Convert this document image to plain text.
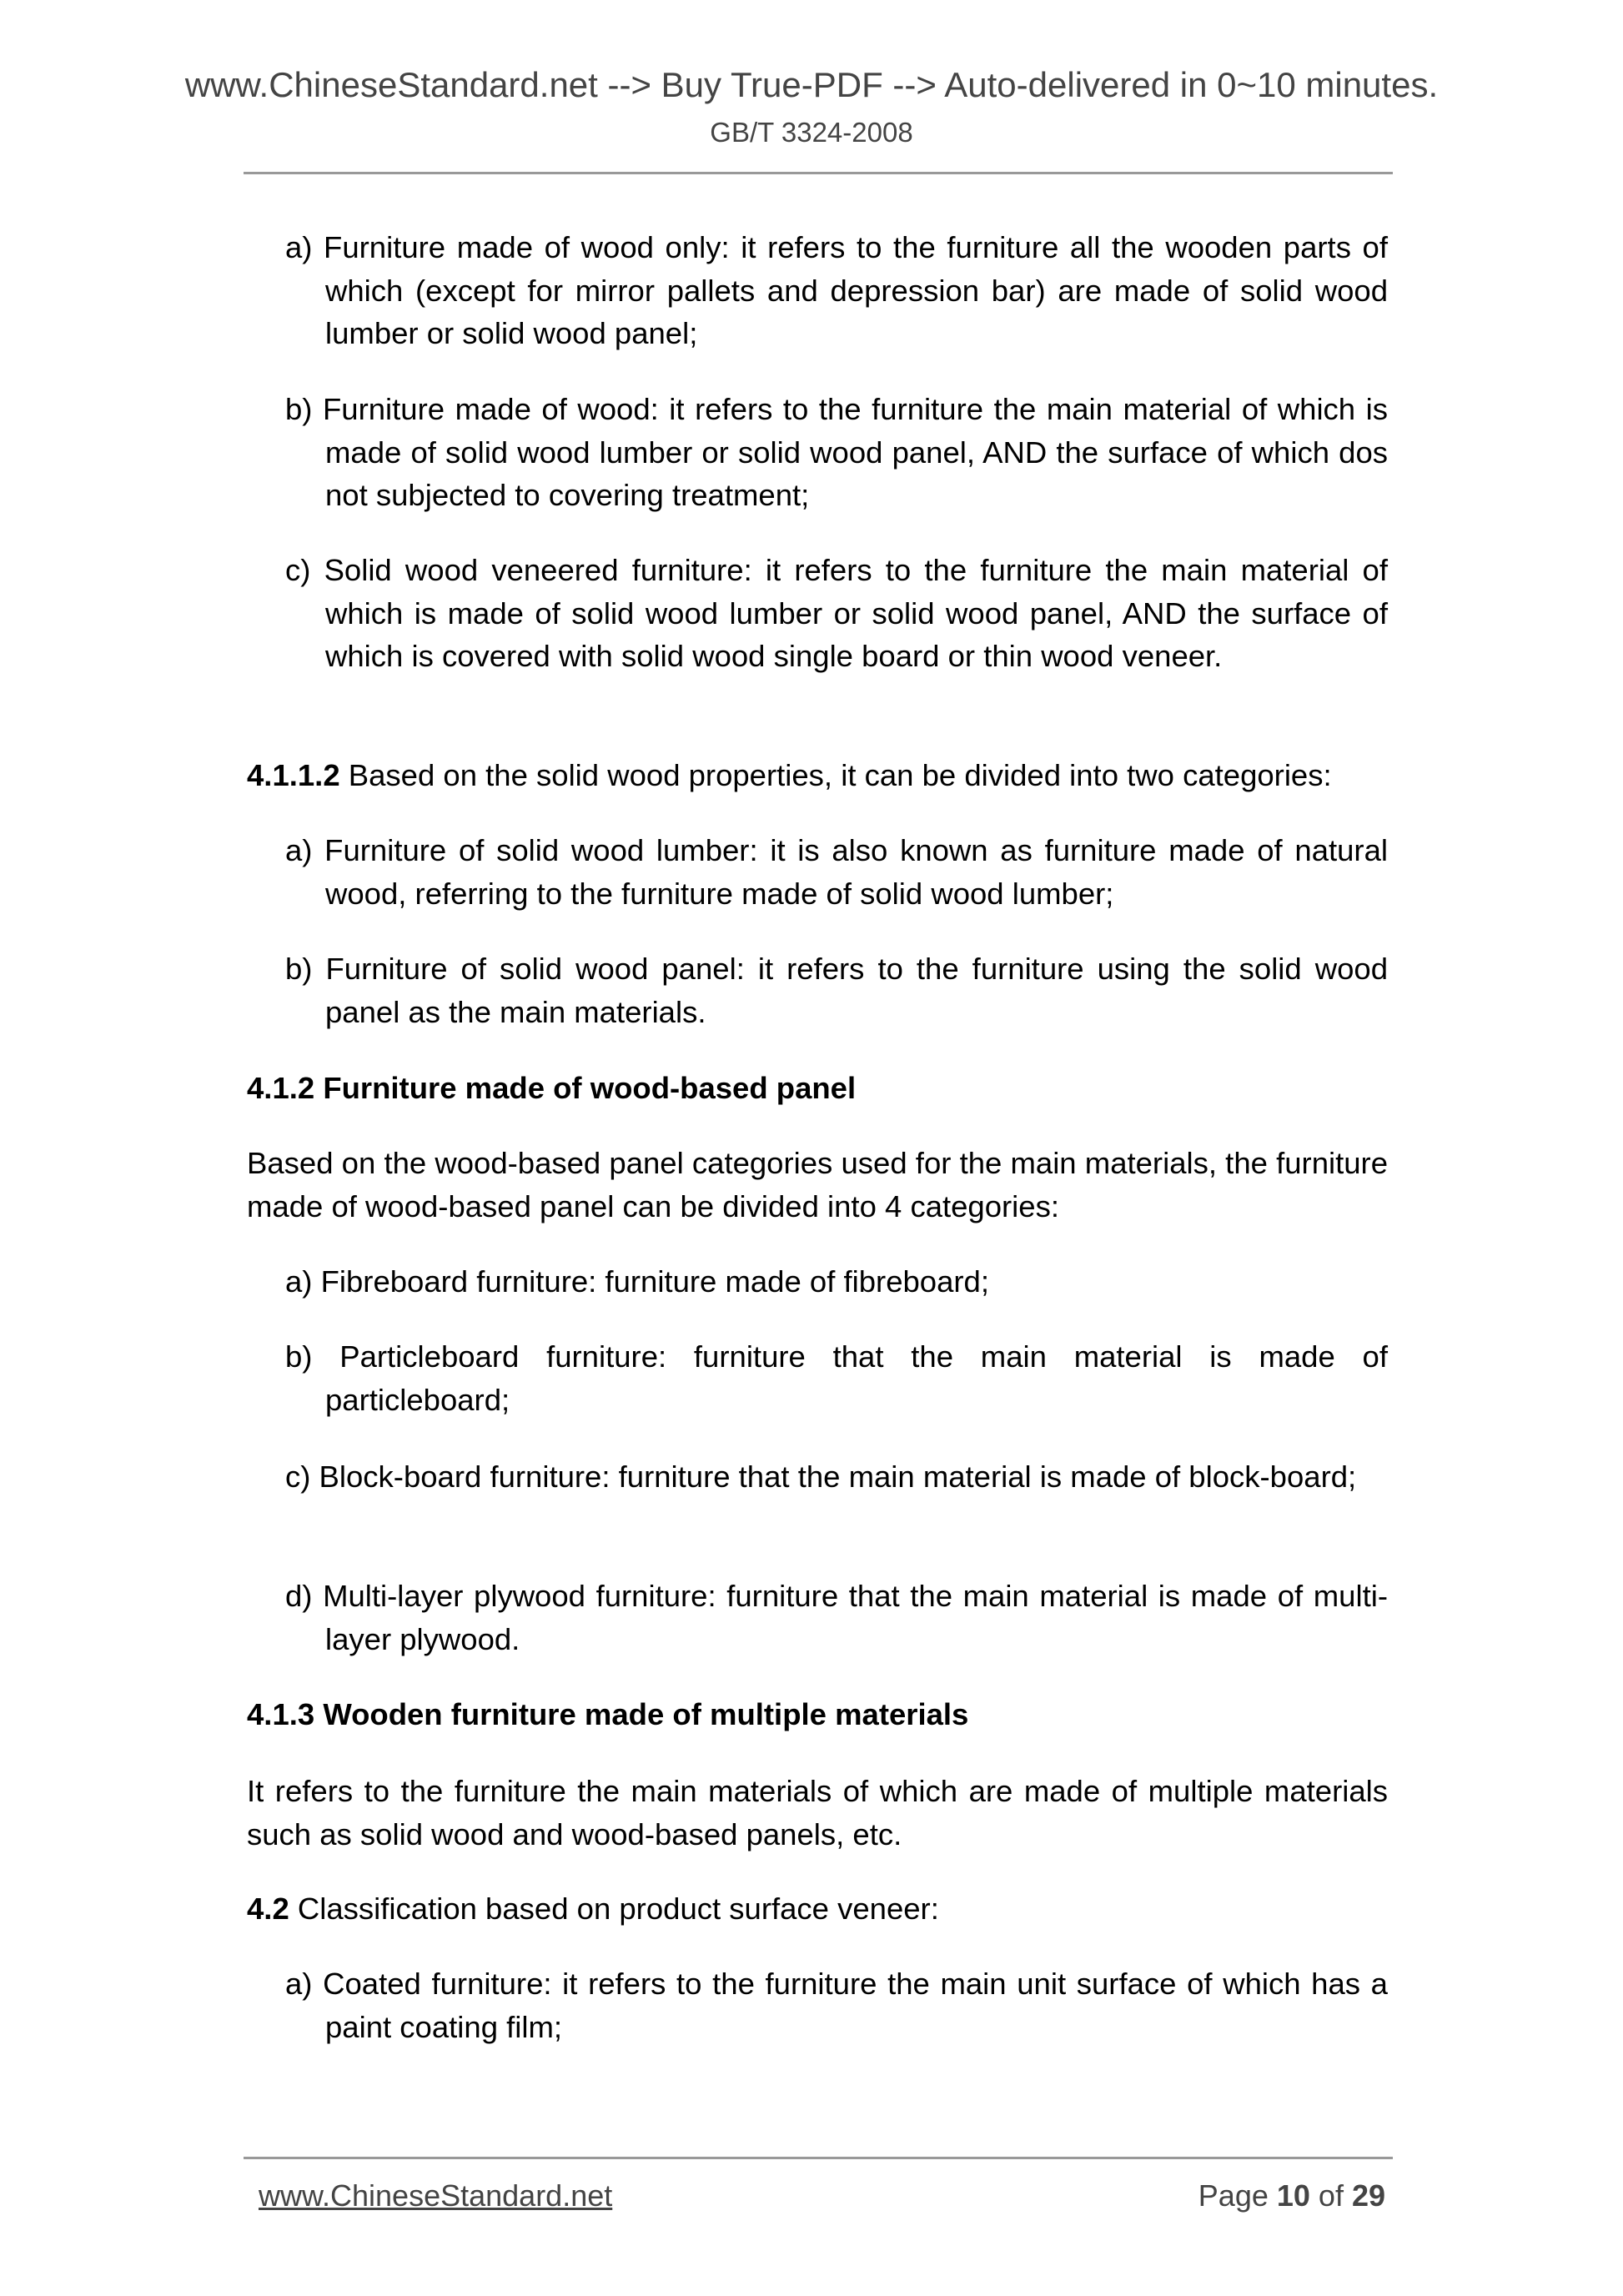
www.ChineseStandard.net --> Buy True-PDF --> Auto-delivered in 0~10 minutes.
GB/T 3324-2008
a) Furniture made of wood only: it refers to the furniture all the wooden parts of which (except for mirror pallets and depression bar) are made of solid wood lumber or solid wood panel;
b) Furniture made of wood: it refers to the furniture the main material of which is made of solid wood lumber or solid wood panel, AND the surface of which dos not subjected to covering treatment;
c) Solid wood veneered furniture: it refers to the furniture the main material of which is made of solid wood lumber or solid wood panel, AND the surface of which is covered with solid wood single board or thin wood veneer.
4.1.1.2 Based on the solid wood properties, it can be divided into two categories:
a) Furniture of solid wood lumber: it is also known as furniture made of natural wood, referring to the furniture made of solid wood lumber;
b) Furniture of solid wood panel: it refers to the furniture using the solid wood panel as the main materials.
4.1.2 Furniture made of wood-based panel
Based on the wood-based panel categories used for the main materials, the furniture made of wood-based panel can be divided into 4 categories:
a) Fibreboard furniture: furniture made of fibreboard;
b) Particleboard furniture: furniture that the main material is made of particleboard;
c) Block-board furniture: furniture that the main material is made of block-board;
d) Multi-layer plywood furniture: furniture that the main material is made of multi-layer plywood.
4.1.3 Wooden furniture made of multiple materials
It refers to the furniture the main materials of which are made of multiple materials such as solid wood and wood-based panels, etc.
4.2 Classification based on product surface veneer:
a) Coated furniture: it refers to the furniture the main unit surface of which has a paint coating film;
www.ChineseStandard.net	Page 10 of 29
